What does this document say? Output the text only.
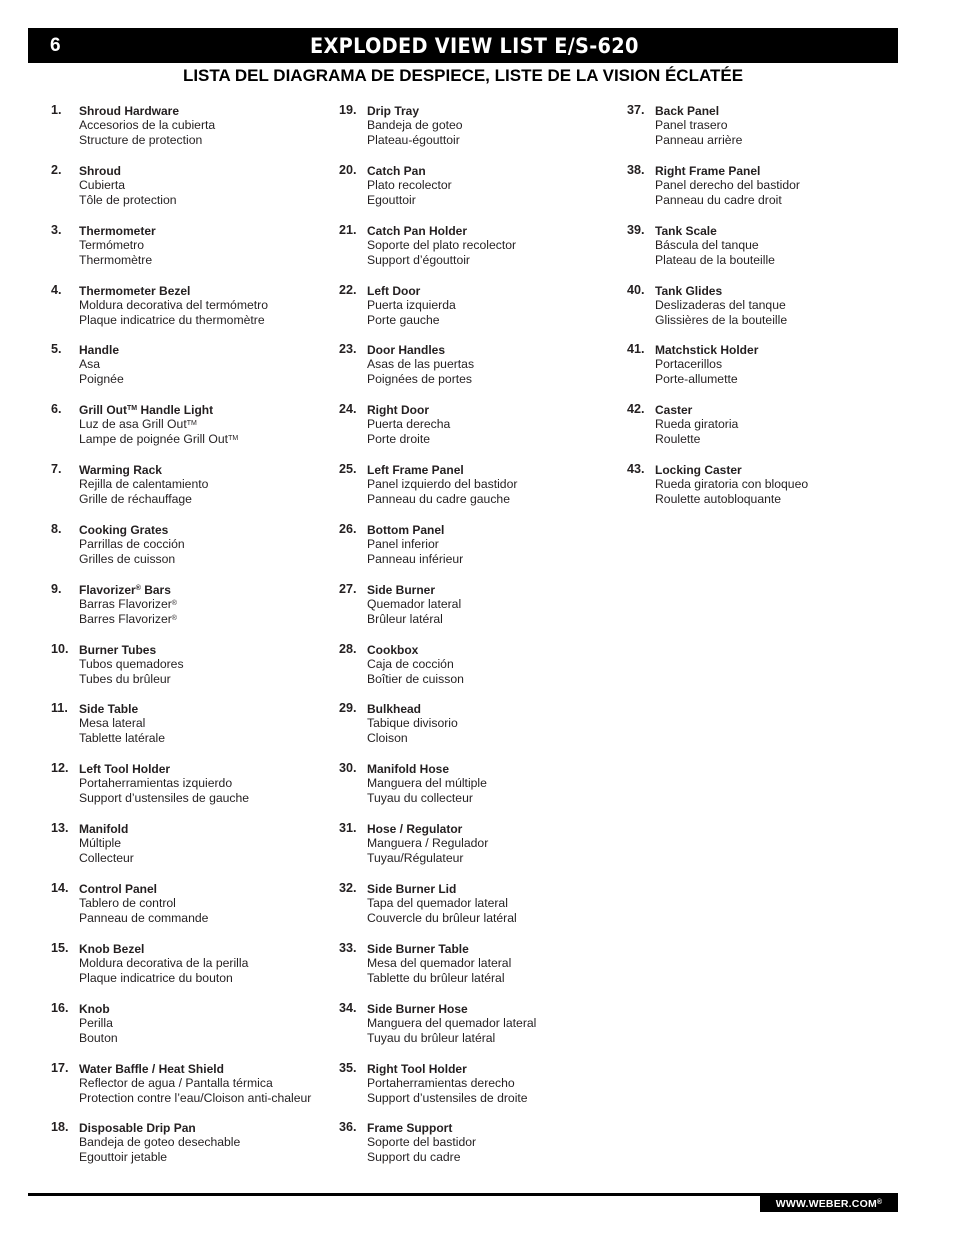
6	EXPLODED VIEW LIST E/S-620
LISTA DEL DIAGRAMA DE DESPIECE, LISTE DE LA VISION ÉCLATÉE
1. Shroud Hardware
Accesorios de la cubierta
Structure de protection
2. Shroud
Cubierta
Tôle de protection
3. Thermometer
Termómetro
Thermomètre
4. Thermometer Bezel
Moldura decorativa del termómetro
Plaque indicatrice du thermomètre
5. Handle
Asa
Poignée
6. Grill Out™ Handle Light
Luz de asa Grill Out™
Lampe de poignée Grill Out™
7. Warming Rack
Rejilla de calentamiento
Grille de réchauffage
8. Cooking Grates
Parrillas de cocción
Grilles de cuisson
9. Flavorizer® Bars
Barras Flavorizer®
Barres Flavorizer®
10. Burner Tubes
Tubos quemadores
Tubes du brûleur
11. Side Table
Mesa lateral
Tablette latérale
12. Left Tool Holder
Portaherramientas izquierdo
Support d’ustensiles de gauche
13. Manifold
Múltiple
Collecteur
14. Control Panel
Tablero de control
Panneau de commande
15. Knob Bezel
Moldura decorativa de la perilla
Plaque indicatrice du bouton
16. Knob
Perilla
Bouton
17. Water Baffle / Heat Shield
Reflector de agua / Pantalla térmica
Protection contre l’eau/Cloison anti-chaleur
18. Disposable Drip Pan
Bandeja de goteo desechable
Egouttoir jetable
19. Drip Tray
Bandeja de goteo
Plateau-égouttoir
20. Catch Pan
Plato recolector
Egouttoir
21. Catch Pan Holder
Soporte del plato recolector
Support d’égouttoir
22. Left Door
Puerta izquierda
Porte gauche
23. Door Handles
Asas de las puertas
Poignées de portes
24. Right Door
Puerta derecha
Porte droite
25. Left Frame Panel
Panel izquierdo del bastidor
Panneau du cadre gauche
26. Bottom Panel
Panel inferior
Panneau inférieur
27. Side Burner
Quemador lateral
Brûleur latéral
28. Cookbox
Caja de cocción
Boîtier de cuisson
29. Bulkhead
Tabique divisorio
Cloison
30. Manifold Hose
Manguera del múltiple
Tuyau du collecteur
31. Hose / Regulator
Manguera / Regulador
Tuyau/Régulateur
32. Side Burner Lid
Tapa del quemador lateral
Couvercle du brûleur latéral
33. Side Burner Table
Mesa del quemador lateral
Tablette du brûleur latéral
34. Side Burner Hose
Manguera del quemador lateral
Tuyau du brûleur latéral
35. Right Tool Holder
Portaherramientas derecho
Support d’ustensiles de droite
36. Frame Support
Soporte del bastidor
Support du cadre
37. Back Panel
Panel trasero
Panneau arrière
38. Right Frame Panel
Panel derecho del bastidor
Panneau du cadre droit
39. Tank Scale
Báscula del tanque
Plateau de la bouteille
40. Tank Glides
Deslizaderas del tanque
Glissières de la bouteille
41. Matchstick Holder
Portacerillos
Porte-allumette
42. Caster
Rueda giratoria
Roulette
43. Locking Caster
Rueda giratoria con bloqueo
Roulette autobloquante
WWW.WEBER.COM®
